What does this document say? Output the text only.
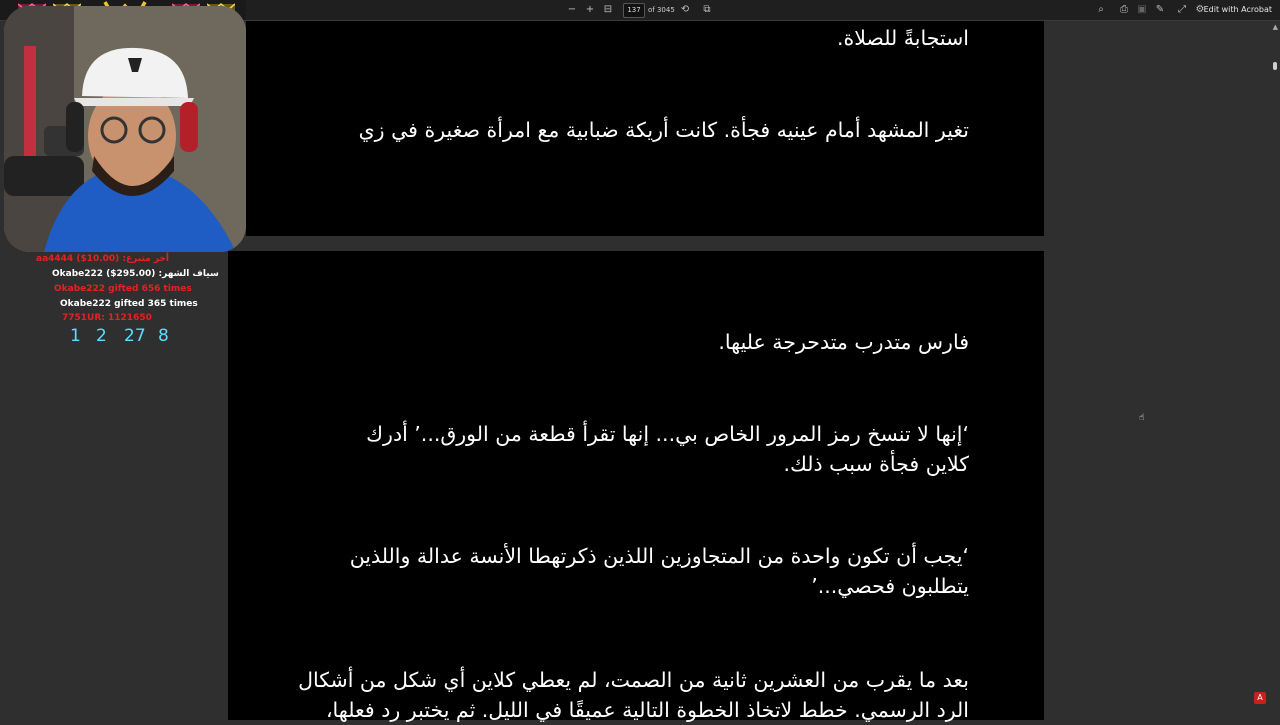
− + ⊟	137	of 3045 ⟲	⧉	⌕	⎙ ▣ ✎	⤢ ⚙ Edit with Acrobat
استجابةً للصلاة.
تغير المشهد أمام عينيه فجأة. كانت أريكة ضبابية مع امرأة صغيرة في زي
فارس متدرب متدحرجة عليها.
‘إنها لا تنسخ رمز المرور الخاص بي... إنها تقرأ قطعة من الورق...’ أدرك
كلاين فجأة سبب ذلك.
‘يجب أن تكون واحدة من المتجاوزين اللذين ذكرتهطا الأنسة عدالة واللذين
يتطلبون فحصي...’
بعد ما يقرب من العشرين ثانية من الصمت، لم يعطي كلاين أي شكل من أشكال
الرد الرسمي. خطط لاتخاذ الخطوة التالية عميقًا في الليل. ثم يختبر رد فعلها،
▲
aa4444 ($10.00) :أخر متبرع
Okabe222 ($295.00) :سياف الشهر
Okabe222 gifted 656 times
Okabe222 gifted 365 times
7751UR: 1121650
1 2 27 8
☝
A
